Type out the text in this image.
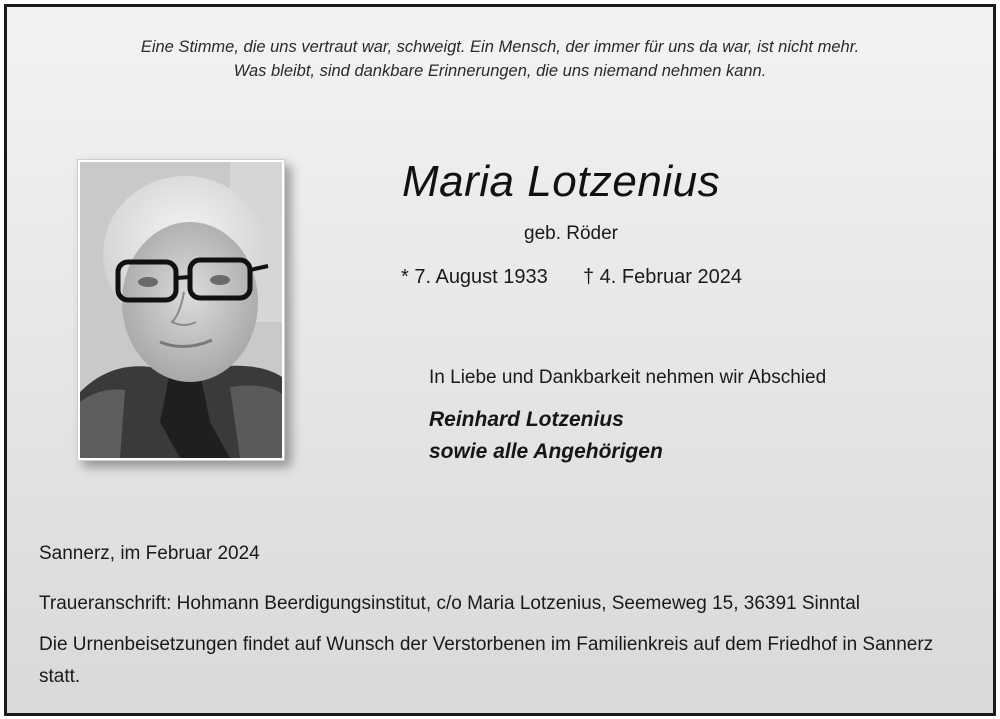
Eine Stimme, die uns vertraut war, schweigt. Ein Mensch, der immer für uns da war, ist nicht mehr.
Was bleibt, sind dankbare Erinnerungen, die uns niemand nehmen kann.
Maria Lotzenius
geb. Röder
* 7. August 1933 † 4. Februar 2024
In Liebe und Dankbarkeit nehmen wir Abschied
Reinhard Lotzenius
sowie alle Angehörigen
Sannerz, im Februar 2024
Traueranschrift: Hohmann Beerdigungsinstitut, c/o Maria Lotzenius, Seemeweg 15, 36391 Sinntal
Die Urnenbeisetzungen findet auf Wunsch der Verstorbenen im Familienkreis auf dem Friedhof in Sannerz statt.
